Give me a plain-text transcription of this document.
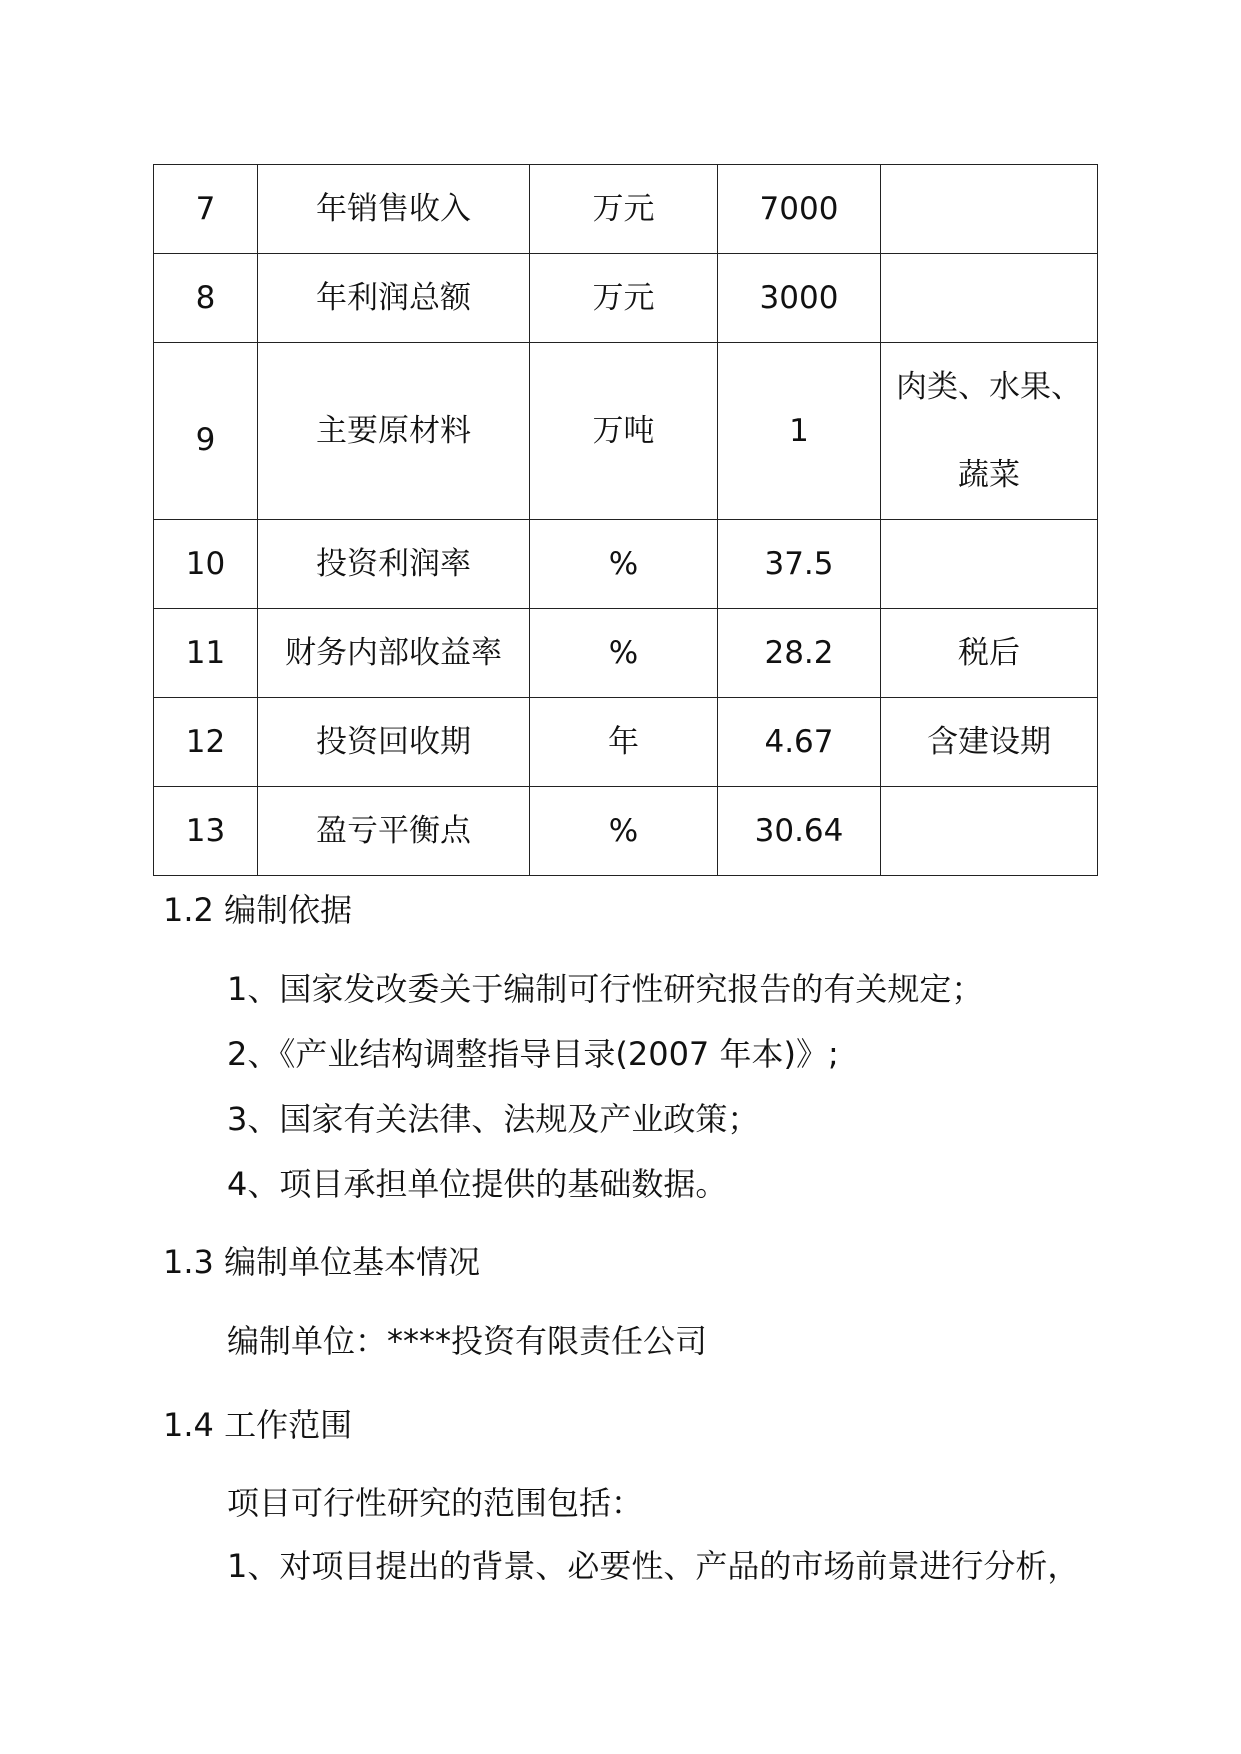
7	年销售收入	万元	7000	
8	年利润总额	万元	3000	
9	主要原材料	万吨	1	肉类、水果、蔬菜
10	投资利润率	%	37.5	
11	财务内部收益率	%	28.2	税后
12	投资回收期	年	4.67	含建设期
13	盈亏平衡点	%	30.64	
1.2 编制依据
1、国家发改委关于编制可行性研究报告的有关规定；
2、《产业结构调整指导目录(2007 年本)》;
3、国家有关法律、法规及产业政策；
4、项目承担单位提供的基础数据。
1.3 编制单位基本情况
编制单位：****投资有限责任公司
1.4 工作范围
项目可行性研究的范围包括：
1、对项目提出的背景、必要性、产品的市场前景进行分析，
